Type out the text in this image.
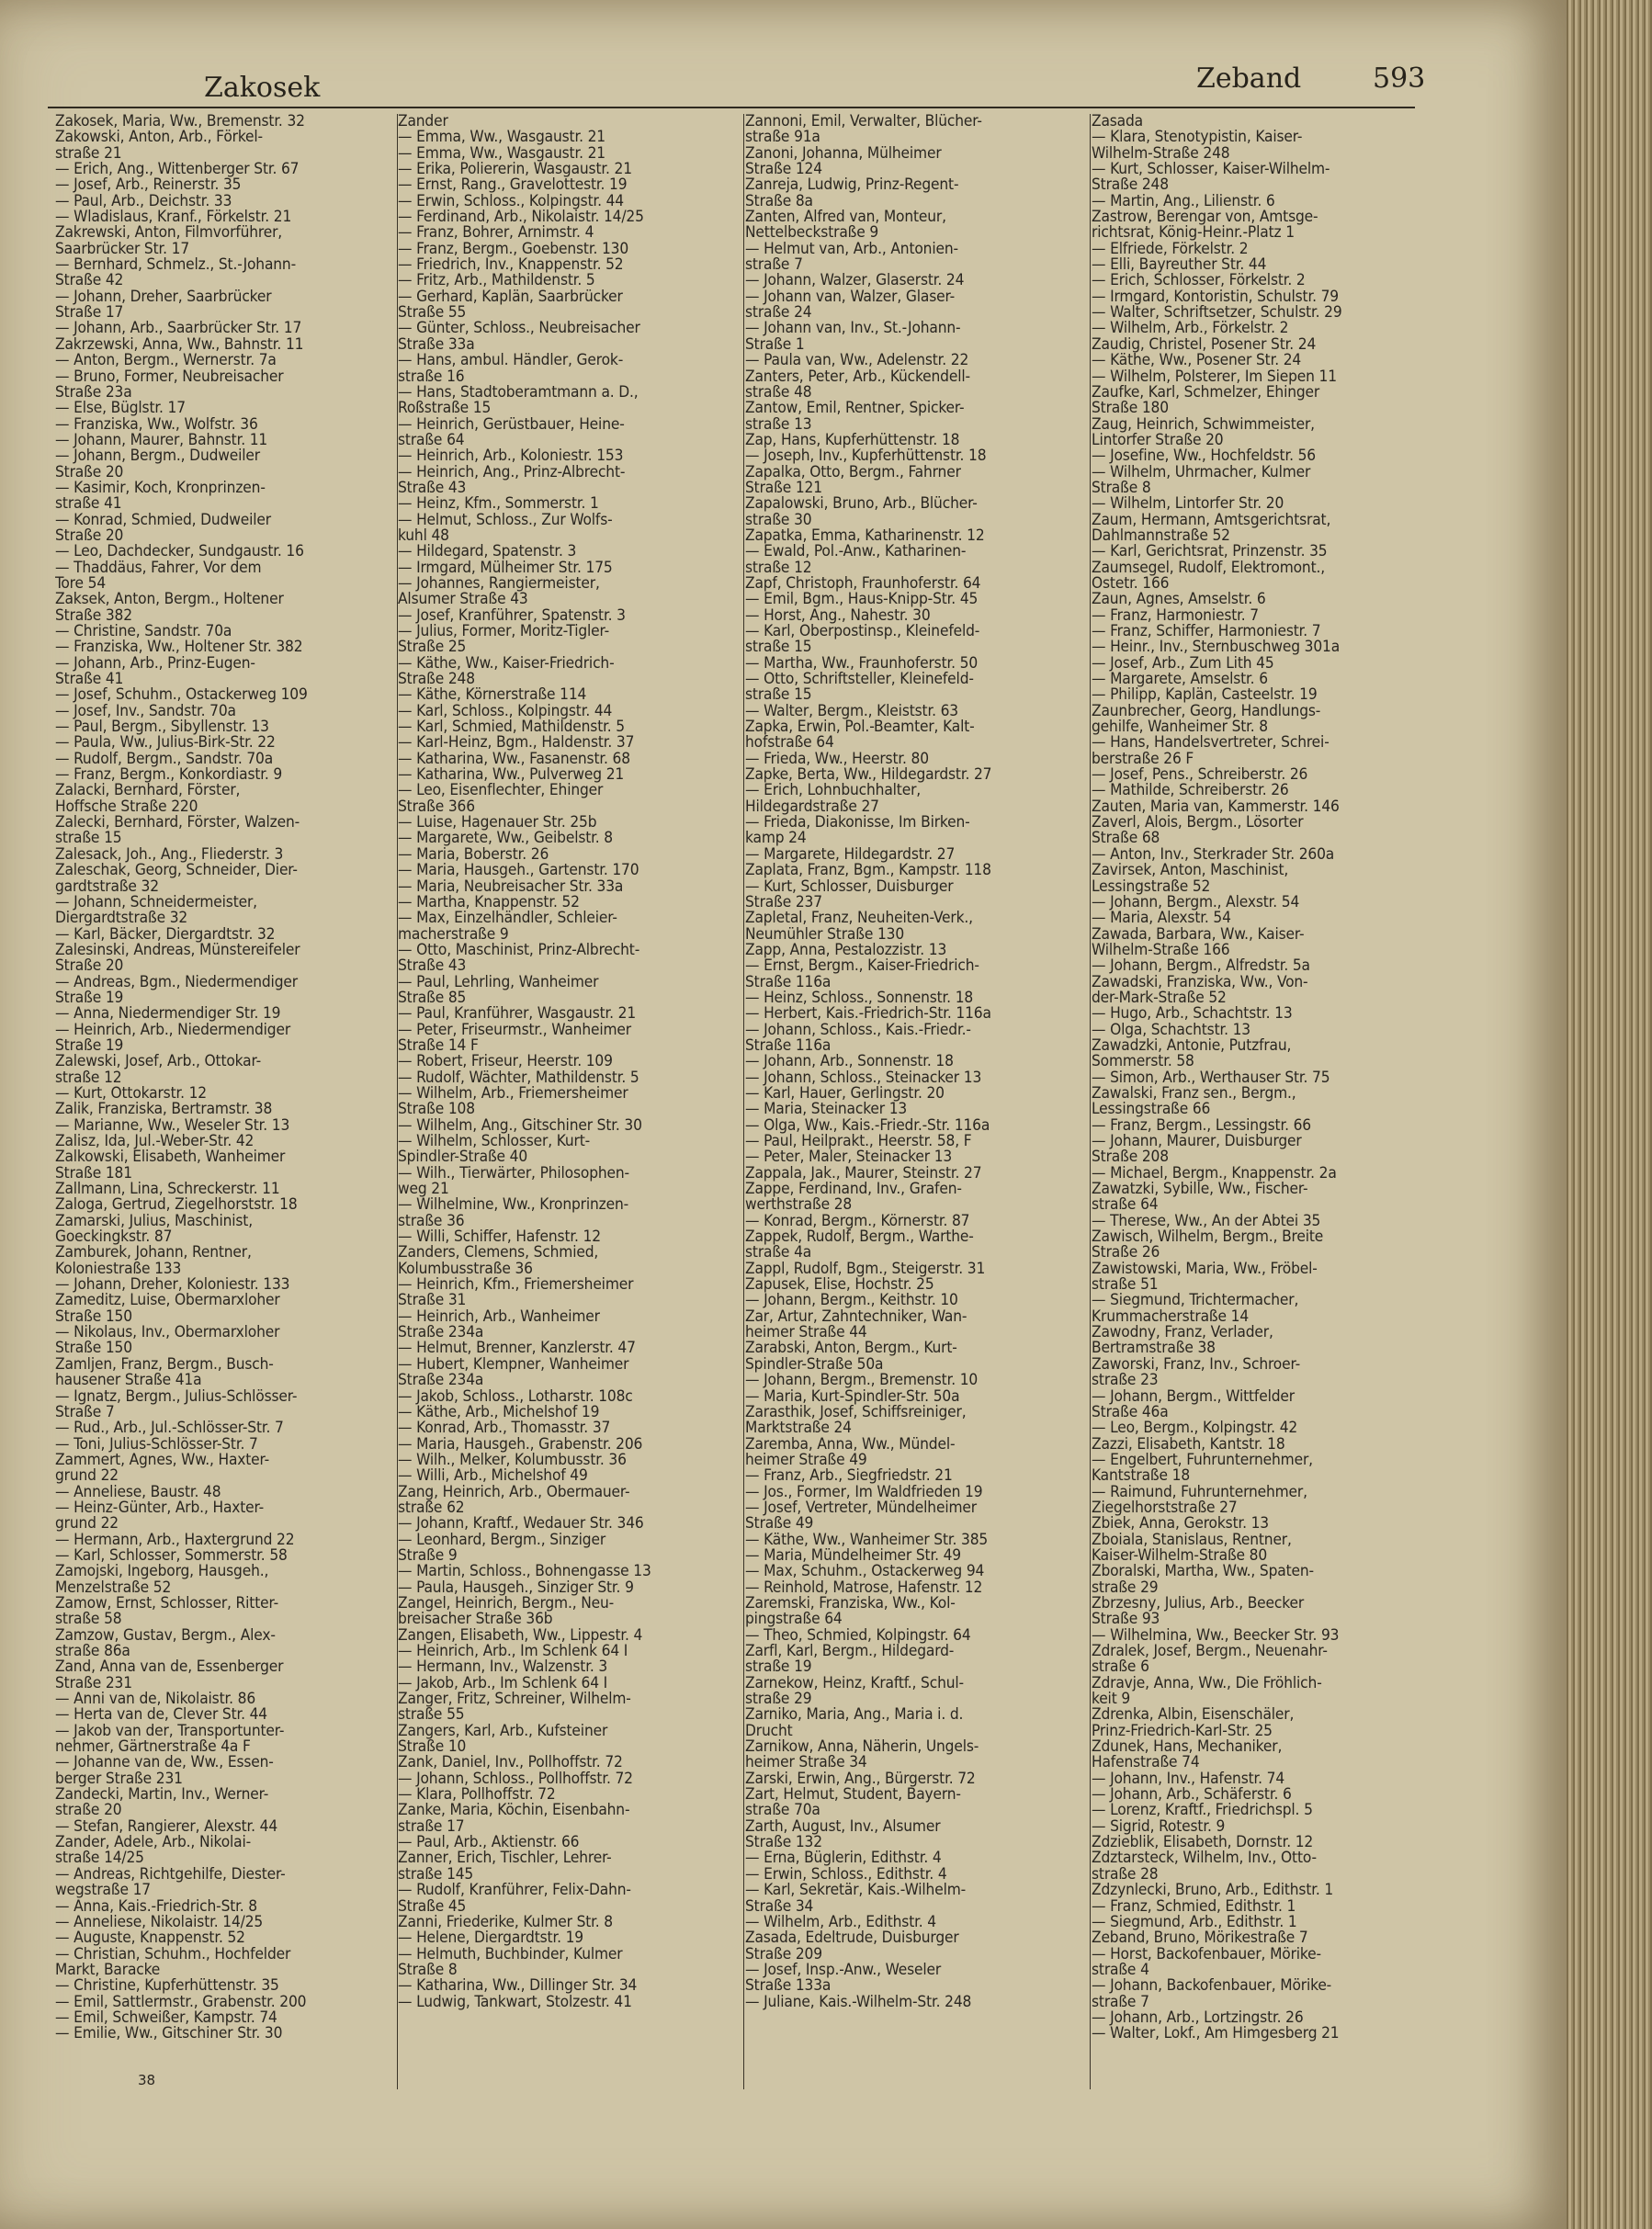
Zakosek	Zeband	593
Zakosek, Maria, Ww., Bremenstr. 32
Zakowski, Anton, Arb., Förkel-
straße 21
— Erich, Ang., Wittenberger Str. 67
— Josef, Arb., Reinerstr. 35
— Paul, Arb., Deichstr. 33
— Wladislaus, Kranf., Förkelstr. 21
Zakrewski, Anton, Filmvorführer,
Saarbrücker Str. 17
— Bernhard, Schmelz., St.-Johann-
Straße 42
— Johann, Dreher, Saarbrücker
Straße 17
— Johann, Arb., Saarbrücker Str. 17
Zakrzewski, Anna, Ww., Bahnstr. 11
— Anton, Bergm., Wernerstr. 7a
— Bruno, Former, Neubreisacher
Straße 23a
— Else, Büglstr. 17
— Franziska, Ww., Wolfstr. 36
— Johann, Maurer, Bahnstr. 11
— Johann, Bergm., Dudweiler
Straße 20
— Kasimir, Koch, Kronprinzen-
straße 41
— Konrad, Schmied, Dudweiler
Straße 20
— Leo, Dachdecker, Sundgaustr. 16
— Thaddäus, Fahrer, Vor dem
Tore 54
Zaksek, Anton, Bergm., Holtener
Straße 382
— Christine, Sandstr. 70a
— Franziska, Ww., Holtener Str. 382
— Johann, Arb., Prinz-Eugen-
Straße 41
— Josef, Schuhm., Ostackerweg 109
— Josef, Inv., Sandstr. 70a
— Paul, Bergm., Sibyllenstr. 13
— Paula, Ww., Julius-Birk-Str. 22
— Rudolf, Bergm., Sandstr. 70a
— Franz, Bergm., Konkordiastr. 9
Zalacki, Bernhard, Förster,
Hoffsche Straße 220
Zalecki, Bernhard, Förster, Walzen-
straße 15
Zalesack, Joh., Ang., Fliederstr. 3
Zaleschak, Georg, Schneider, Dier-
gardtstraße 32
— Johann, Schneidermeister,
Diergardtstraße 32
— Karl, Bäcker, Diergardtstr. 32
Zalesinski, Andreas, Münstereifeler
Straße 20
— Andreas, Bgm., Niedermendiger
Straße 19
— Anna, Niedermendiger Str. 19
— Heinrich, Arb., Niedermendiger
Straße 19
Zalewski, Josef, Arb., Ottokar-
straße 12
— Kurt, Ottokarstr. 12
Zalik, Franziska, Bertramstr. 38
— Marianne, Ww., Weseler Str. 13
Zalisz, Ida, Jul.-Weber-Str. 42
Zalkowski, Elisabeth, Wanheimer
Straße 181
Zallmann, Lina, Schreckerstr. 11
Zaloga, Gertrud, Ziegelhorststr. 18
Zamarski, Julius, Maschinist,
Goeckingkstr. 87
Zamburek, Johann, Rentner,
Koloniestraße 133
— Johann, Dreher, Koloniestr. 133
Zameditz, Luise, Obermarxloher
Straße 150
— Nikolaus, Inv., Obermarxloher
Straße 150
Zamljen, Franz, Bergm., Busch-
hausener Straße 41a
— Ignatz, Bergm., Julius-Schlösser-
Straße 7
— Rud., Arb., Jul.-Schlösser-Str. 7
— Toni, Julius-Schlösser-Str. 7
Zammert, Agnes, Ww., Haxter-
grund 22
— Anneliese, Baustr. 48
— Heinz-Günter, Arb., Haxter-
grund 22
— Hermann, Arb., Haxtergrund 22
— Karl, Schlosser, Sommerstr. 58
Zamojski, Ingeborg, Hausgeh.,
Menzelstraße 52
Zamow, Ernst, Schlosser, Ritter-
straße 58
Zamzow, Gustav, Bergm., Alex-
straße 86a
Zand, Anna van de, Essenberger
Straße 231
— Anni van de, Nikolaistr. 86
— Herta van de, Clever Str. 44
— Jakob van der, Transportunter-
nehmer, Gärtnerstraße 4a F
— Johanne van de, Ww., Essen-
berger Straße 231
Zandecki, Martin, Inv., Werner-
straße 20
— Stefan, Rangierer, Alexstr. 44
Zander, Adele, Arb., Nikolai-
straße 14/25
— Andreas, Richtgehilfe, Diester-
wegstraße 17
— Anna, Kais.-Friedrich-Str. 8
— Anneliese, Nikolaistr. 14/25
— Auguste, Knappenstr. 52
— Christian, Schuhm., Hochfelder
Markt, Baracke
— Christine, Kupferhüttenstr. 35
— Emil, Sattlermstr., Grabenstr. 200
— Emil, Schweißer, Kampstr. 74
— Emilie, Ww., Gitschiner Str. 30
Zander
— Emma, Ww., Wasgaustr. 21
— Emma, Ww., Wasgaustr. 21
— Erika, Poliererin, Wasgaustr. 21
— Ernst, Rang., Gravelottestr. 19
— Erwin, Schloss., Kolpingstr. 44
— Ferdinand, Arb., Nikolaistr. 14/25
— Franz, Bohrer, Arnimstr. 4
— Franz, Bergm., Goebenstr. 130
— Friedrich, Inv., Knappenstr. 52
— Fritz, Arb., Mathildenstr. 5
— Gerhard, Kaplän, Saarbrücker
Straße 55
— Günter, Schloss., Neubreisacher
Straße 33a
— Hans, ambul. Händler, Gerok-
straße 16
— Hans, Stadtoberamtmann a. D.,
Roßstraße 15
— Heinrich, Gerüstbauer, Heine-
straße 64
— Heinrich, Arb., Koloniestr. 153
— Heinrich, Ang., Prinz-Albrecht-
Straße 43
— Heinz, Kfm., Sommerstr. 1
— Helmut, Schloss., Zur Wolfs-
kuhl 48
— Hildegard, Spatenstr. 3
— Irmgard, Mülheimer Str. 175
— Johannes, Rangiermeister,
Alsumer Straße 43
— Josef, Kranführer, Spatenstr. 3
— Julius, Former, Moritz-Tigler-
Straße 25
— Käthe, Ww., Kaiser-Friedrich-
Straße 248
— Käthe, Körnerstraße 114
— Karl, Schloss., Kolpingstr. 44
— Karl, Schmied, Mathildenstr. 5
— Karl-Heinz, Bgm., Haldenstr. 37
— Katharina, Ww., Fasanenstr. 68
— Katharina, Ww., Pulverweg 21
— Leo, Eisenflechter, Ehinger
Straße 366
— Luise, Hagenauer Str. 25b
— Margarete, Ww., Geibelstr. 8
— Maria, Boberstr. 26
— Maria, Hausgeh., Gartenstr. 170
— Maria, Neubreisacher Str. 33a
— Martha, Knappenstr. 52
— Max, Einzelhändler, Schleier-
macherstraße 9
— Otto, Maschinist, Prinz-Albrecht-
Straße 43
— Paul, Lehrling, Wanheimer
Straße 85
— Paul, Kranführer, Wasgaustr. 21
— Peter, Friseurmstr., Wanheimer
Straße 14 F
— Robert, Friseur, Heerstr. 109
— Rudolf, Wächter, Mathildenstr. 5
— Wilhelm, Arb., Friemersheimer
Straße 108
— Wilhelm, Ang., Gitschiner Str. 30
— Wilhelm, Schlosser, Kurt-
Spindler-Straße 40
— Wilh., Tierwärter, Philosophen-
weg 21
— Wilhelmine, Ww., Kronprinzen-
straße 36
— Willi, Schiffer, Hafenstr. 12
Zanders, Clemens, Schmied,
Kolumbusstraße 36
— Heinrich, Kfm., Friemersheimer
Straße 31
— Heinrich, Arb., Wanheimer
Straße 234a
— Helmut, Brenner, Kanzlerstr. 47
— Hubert, Klempner, Wanheimer
Straße 234a
— Jakob, Schloss., Lotharstr. 108c
— Käthe, Arb., Michelshof 19
— Konrad, Arb., Thomasstr. 37
— Maria, Hausgeh., Grabenstr. 206
— Wilh., Melker, Kolumbusstr. 36
— Willi, Arb., Michelshof 49
Zang, Heinrich, Arb., Obermauer-
straße 62
— Johann, Kraftf., Wedauer Str. 346
— Leonhard, Bergm., Sinziger
Straße 9
— Martin, Schloss., Bohnengasse 13
— Paula, Hausgeh., Sinziger Str. 9
Zangel, Heinrich, Bergm., Neu-
breisacher Straße 36b
Zangen, Elisabeth, Ww., Lippestr. 4
— Heinrich, Arb., Im Schlenk 64 I
— Hermann, Inv., Walzenstr. 3
— Jakob, Arb., Im Schlenk 64 I
Zanger, Fritz, Schreiner, Wilhelm-
straße 55
Zangers, Karl, Arb., Kufsteiner
Straße 10
Zank, Daniel, Inv., Pollhoffstr. 72
— Johann, Schloss., Pollhoffstr. 72
— Klara, Pollhoffstr. 72
Zanke, Maria, Köchin, Eisenbahn-
straße 17
— Paul, Arb., Aktienstr. 66
Zanner, Erich, Tischler, Lehrer-
straße 145
— Rudolf, Kranführer, Felix-Dahn-
Straße 45
Zanni, Friederike, Kulmer Str. 8
— Helene, Diergardtstr. 19
— Helmuth, Buchbinder, Kulmer
Straße 8
— Katharina, Ww., Dillinger Str. 34
— Ludwig, Tankwart, Stolzestr. 41
Zannoni, Emil, Verwalter, Blücher-
straße 91a
Zanoni, Johanna, Mülheimer
Straße 124
Zanreja, Ludwig, Prinz-Regent-
Straße 8a
Zanten, Alfred van, Monteur,
Nettelbeckstraße 9
— Helmut van, Arb., Antonien-
straße 7
— Johann, Walzer, Glaserstr. 24
— Johann van, Walzer, Glaser-
straße 24
— Johann van, Inv., St.-Johann-
Straße 1
— Paula van, Ww., Adelenstr. 22
Zanters, Peter, Arb., Kückendell-
straße 48
Zantow, Emil, Rentner, Spicker-
straße 13
Zap, Hans, Kupferhüttenstr. 18
— Joseph, Inv., Kupferhüttenstr. 18
Zapalka, Otto, Bergm., Fahrner
Straße 121
Zapalowski, Bruno, Arb., Blücher-
straße 30
Zapatka, Emma, Katharinenstr. 12
— Ewald, Pol.-Anw., Katharinen-
straße 12
Zapf, Christoph, Fraunhoferstr. 64
— Emil, Bgm., Haus-Knipp-Str. 45
— Horst, Ang., Nahestr. 30
— Karl, Oberpostinsp., Kleinefeld-
straße 15
— Martha, Ww., Fraunhoferstr. 50
— Otto, Schriftsteller, Kleinefeld-
straße 15
— Walter, Bergm., Kleiststr. 63
Zapka, Erwin, Pol.-Beamter, Kalt-
hofstraße 64
— Frieda, Ww., Heerstr. 80
Zapke, Berta, Ww., Hildegardstr. 27
— Erich, Lohnbuchhalter,
Hildegardstraße 27
— Frieda, Diakonisse, Im Birken-
kamp 24
— Margarete, Hildegardstr. 27
Zaplata, Franz, Bgm., Kampstr. 118
— Kurt, Schlosser, Duisburger
Straße 237
Zapletal, Franz, Neuheiten-Verk.,
Neumühler Straße 130
Zapp, Anna, Pestalozzistr. 13
— Ernst, Bergm., Kaiser-Friedrich-
Straße 116a
— Heinz, Schloss., Sonnenstr. 18
— Herbert, Kais.-Friedrich-Str. 116a
— Johann, Schloss., Kais.-Friedr.-
Straße 116a
— Johann, Arb., Sonnenstr. 18
— Johann, Schloss., Steinacker 13
— Karl, Hauer, Gerlingstr. 20
— Maria, Steinacker 13
— Olga, Ww., Kais.-Friedr.-Str. 116a
— Paul, Heilprakt., Heerstr. 58, F
— Peter, Maler, Steinacker 13
Zappala, Jak., Maurer, Steinstr. 27
Zappe, Ferdinand, Inv., Grafen-
werthstraße 28
— Konrad, Bergm., Körnerstr. 87
Zappek, Rudolf, Bergm., Warthe-
straße 4a
Zappl, Rudolf, Bgm., Steigerstr. 31
Zapusek, Elise, Hochstr. 25
— Johann, Bergm., Keithstr. 10
Zar, Artur, Zahntechniker, Wan-
heimer Straße 44
Zarabski, Anton, Bergm., Kurt-
Spindler-Straße 50a
— Johann, Bergm., Bremenstr. 10
— Maria, Kurt-Spindler-Str. 50a
Zarasthik, Josef, Schiffsreiniger,
Marktstraße 24
Zaremba, Anna, Ww., Mündel-
heimer Straße 49
— Franz, Arb., Siegfriedstr. 21
— Jos., Former, Im Waldfrieden 19
— Josef, Vertreter, Mündelheimer
Straße 49
— Käthe, Ww., Wanheimer Str. 385
— Maria, Mündelheimer Str. 49
— Max, Schuhm., Ostackerweg 94
— Reinhold, Matrose, Hafenstr. 12
Zaremski, Franziska, Ww., Kol-
pingstraße 64
— Theo, Schmied, Kolpingstr. 64
Zarfl, Karl, Bergm., Hildegard-
straße 19
Zarnekow, Heinz, Kraftf., Schul-
straße 29
Zarniko, Maria, Ang., Maria i. d.
Drucht
Zarnikow, Anna, Näherin, Ungels-
heimer Straße 34
Zarski, Erwin, Ang., Bürgerstr. 72
Zart, Helmut, Student, Bayern-
straße 70a
Zarth, August, Inv., Alsumer
Straße 132
— Erna, Büglerin, Edithstr. 4
— Erwin, Schloss., Edithstr. 4
— Karl, Sekretär, Kais.-Wilhelm-
Straße 34
— Wilhelm, Arb., Edithstr. 4
Zasada, Edeltrude, Duisburger
Straße 209
— Josef, Insp.-Anw., Weseler
Straße 133a
— Juliane, Kais.-Wilhelm-Str. 248
Zasada
— Klara, Stenotypistin, Kaiser-
Wilhelm-Straße 248
— Kurt, Schlosser, Kaiser-Wilhelm-
Straße 248
— Martin, Ang., Lilienstr. 6
Zastrow, Berengar von, Amtsge-
richtsrat, König-Heinr.-Platz 1
— Elfriede, Förkelstr. 2
— Elli, Bayreuther Str. 44
— Erich, Schlosser, Förkelstr. 2
— Irmgard, Kontoristin, Schulstr. 79
— Walter, Schriftsetzer, Schulstr. 29
— Wilhelm, Arb., Förkelstr. 2
Zaudig, Christel, Posener Str. 24
— Käthe, Ww., Posener Str. 24
— Wilhelm, Polsterer, Im Siepen 11
Zaufke, Karl, Schmelzer, Ehinger
Straße 180
Zaug, Heinrich, Schwimmeister,
Lintorfer Straße 20
— Josefine, Ww., Hochfeldstr. 56
— Wilhelm, Uhrmacher, Kulmer
Straße 8
— Wilhelm, Lintorfer Str. 20
Zaum, Hermann, Amtsgerichtsrat,
Dahlmannstraße 52
— Karl, Gerichtsrat, Prinzenstr. 35
Zaumsegel, Rudolf, Elektromont.,
Ostetr. 166
Zaun, Agnes, Amselstr. 6
— Franz, Harmoniestr. 7
— Franz, Schiffer, Harmoniestr. 7
— Heinr., Inv., Sternbuschweg 301a
— Josef, Arb., Zum Lith 45
— Margarete, Amselstr. 6
— Philipp, Kaplän, Casteelstr. 19
Zaunbrecher, Georg, Handlungs-
gehilfe, Wanheimer Str. 8
— Hans, Handelsvertreter, Schrei-
berstraße 26 F
— Josef, Pens., Schreiberstr. 26
— Mathilde, Schreiberstr. 26
Zauten, Maria van, Kammerstr. 146
Zaverl, Alois, Bergm., Lösorter
Straße 68
— Anton, Inv., Sterkrader Str. 260a
Zavirsek, Anton, Maschinist,
Lessingstraße 52
— Johann, Bergm., Alexstr. 54
— Maria, Alexstr. 54
Zawada, Barbara, Ww., Kaiser-
Wilhelm-Straße 166
— Johann, Bergm., Alfredstr. 5a
Zawadski, Franziska, Ww., Von-
der-Mark-Straße 52
— Hugo, Arb., Schachtstr. 13
— Olga, Schachtstr. 13
Zawadzki, Antonie, Putzfrau,
Sommerstr. 58
— Simon, Arb., Werthauser Str. 75
Zawalski, Franz sen., Bergm.,
Lessingstraße 66
— Franz, Bergm., Lessingstr. 66
— Johann, Maurer, Duisburger
Straße 208
— Michael, Bergm., Knappenstr. 2a
Zawatzki, Sybille, Ww., Fischer-
straße 64
— Therese, Ww., An der Abtei 35
Zawisch, Wilhelm, Bergm., Breite
Straße 26
Zawistowski, Maria, Ww., Fröbel-
straße 51
— Siegmund, Trichtermacher,
Krummacherstraße 14
Zawodny, Franz, Verlader,
Bertramstraße 38
Zaworski, Franz, Inv., Schroer-
straße 23
— Johann, Bergm., Wittfelder
Straße 46a
— Leo, Bergm., Kolpingstr. 42
Zazzi, Elisabeth, Kantstr. 18
— Engelbert, Fuhrunternehmer,
Kantstraße 18
— Raimund, Fuhrunternehmer,
Ziegelhorststraße 27
Zbiek, Anna, Gerokstr. 13
Zboiala, Stanislaus, Rentner,
Kaiser-Wilhelm-Straße 80
Zboralski, Martha, Ww., Spaten-
straße 29
Zbrzesny, Julius, Arb., Beecker
Straße 93
— Wilhelmina, Ww., Beecker Str. 93
Zdralek, Josef, Bergm., Neuenahr-
straße 6
Zdravje, Anna, Ww., Die Fröhlich-
keit 9
Zdrenka, Albin, Eisenschäler,
Prinz-Friedrich-Karl-Str. 25
Zdunek, Hans, Mechaniker,
Hafenstraße 74
— Johann, Inv., Hafenstr. 74
— Johann, Arb., Schäferstr. 6
— Lorenz, Kraftf., Friedrichspl. 5
— Sigrid, Rotestr. 9
Zdzieblik, Elisabeth, Dornstr. 12
Zdztarsteck, Wilhelm, Inv., Otto-
straße 28
Zdzynlecki, Bruno, Arb., Edithstr. 1
— Franz, Schmied, Edithstr. 1
— Siegmund, Arb., Edithstr. 1
Zeband, Bruno, Mörikestraße 7
— Horst, Backofenbauer, Mörike-
straße 4
— Johann, Backofenbauer, Mörike-
straße 7
— Johann, Arb., Lortzingstr. 26
— Walter, Lokf., Am Himgesberg 21
38
